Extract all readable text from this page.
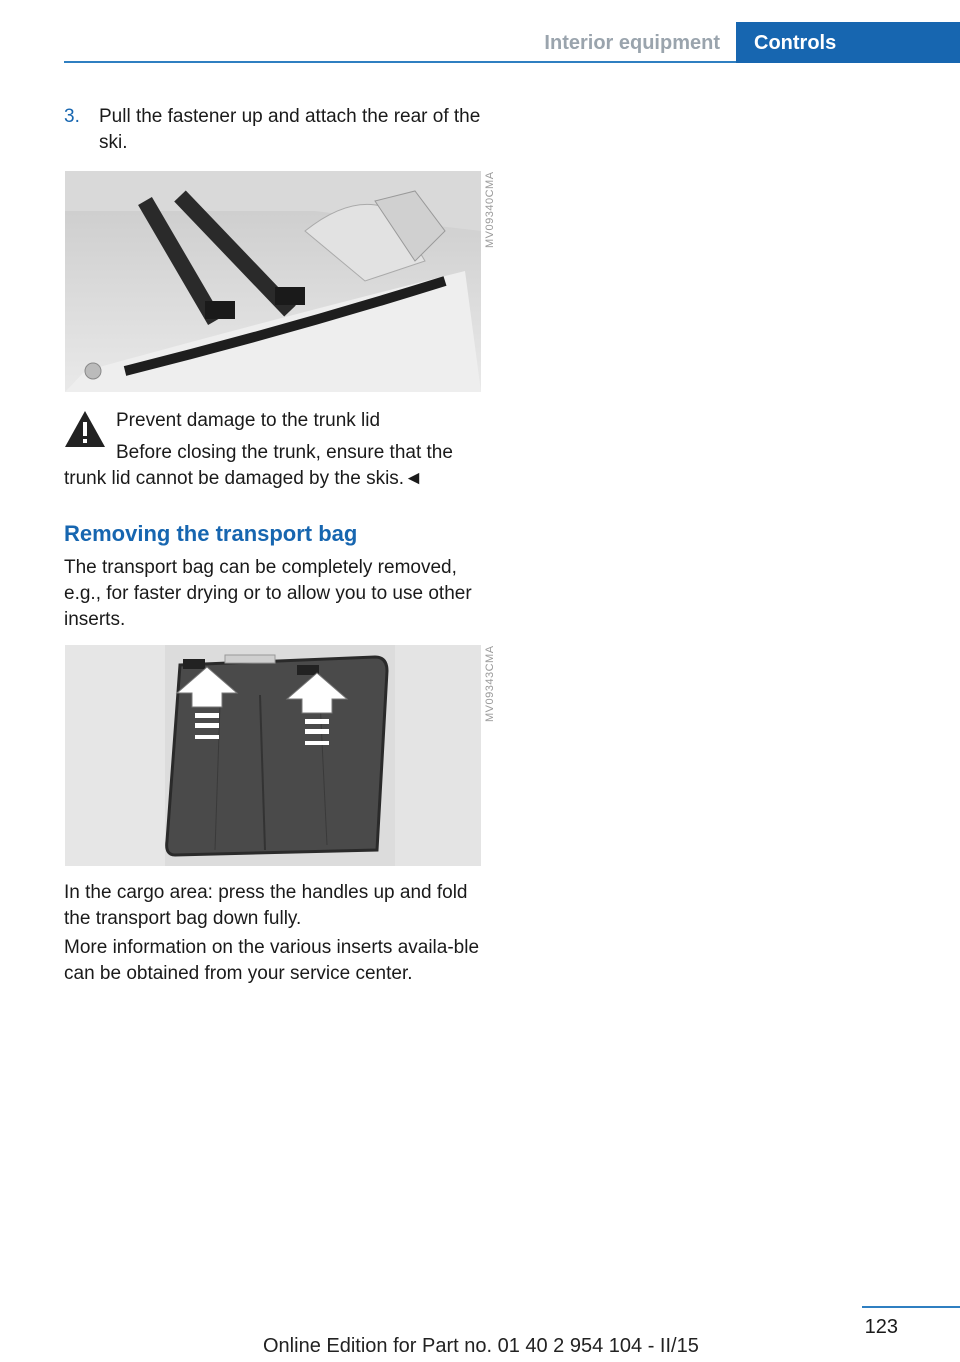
Interior equipment	Controls
3. Pull the fastener up and attach the rear of the ski.
MV09340CMA
Prevent damage to the trunk lid
Before closing the trunk, ensure that the trunk lid cannot be damaged by the skis.◄
Removing the transport bag
The transport bag can be completely removed, e.g., for faster drying or to allow you to use other inserts.
MV09343CMA
In the cargo area: press the handles up and fold the transport bag down fully.
More information on the various inserts availa-ble can be obtained from your service center.
123
Online Edition for Part no. 01 40 2 954 104 - II/15
